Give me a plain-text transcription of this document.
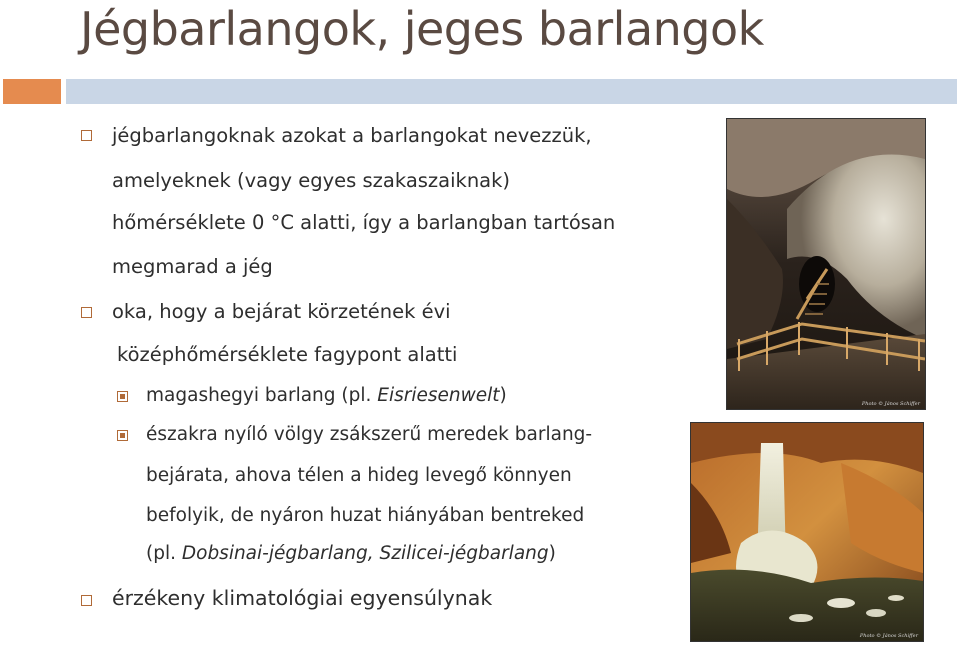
Jégbarlangok, jeges barlangok
jégbarlangoknak azokat a barlangokat nevezzük,
amelyeknek (vagy egyes szakaszaiknak)
hőmérséklete 0 °C alatti, így a barlangban tartósan
megmarad a jég
oka, hogy a bejárat körzetének évi
középhőmérséklete fagypont alatti
magashegyi barlang (pl. Eisriesenwelt)
északra nyíló völgy zsákszerű meredek barlang-
bejárata, ahova télen a hideg levegő könnyen
befolyik, de nyáron huzat hiányában bentreked
(pl. Dobsinai-jégbarlang, Szilicei-jégbarlang)
érzékeny klimatológiai egyensúlynak
Photo © János Schiffer
Photo © János Schiffer
